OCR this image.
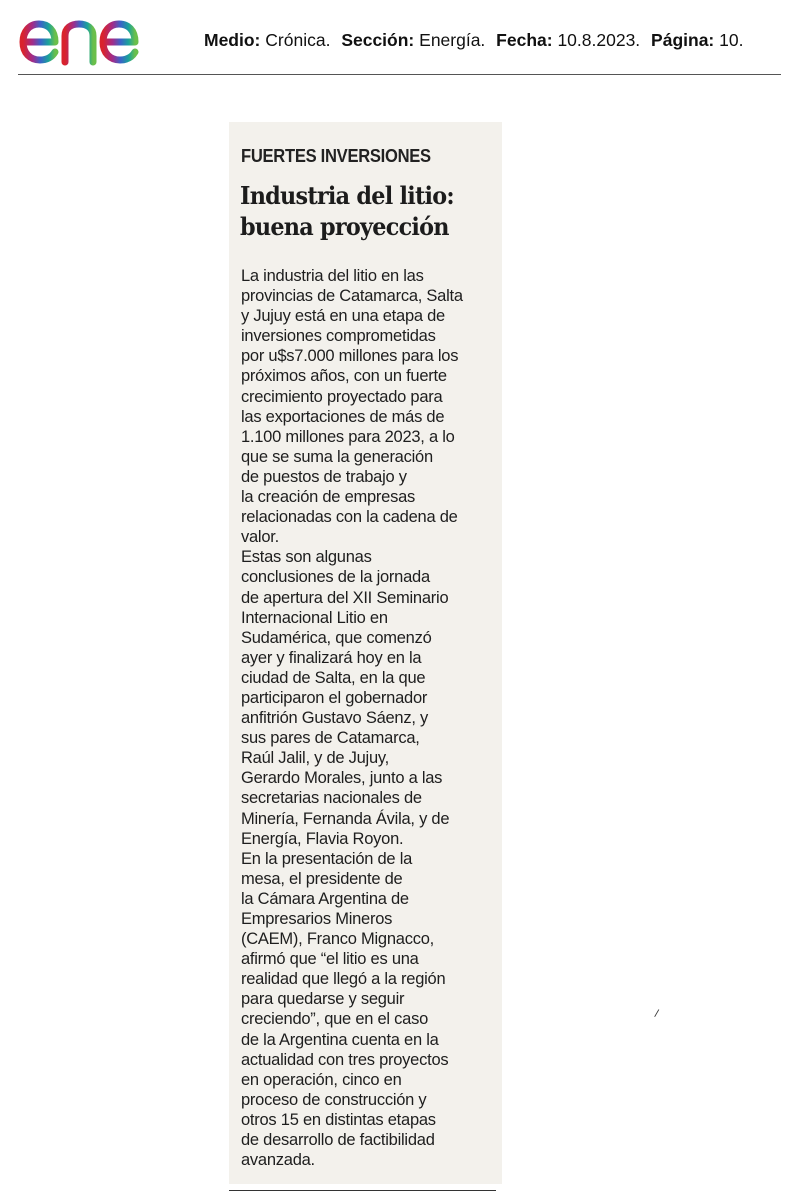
Medio: Crónica. Sección: Energía. Fecha: 10.8.2023. Página: 10.
FUERTES INVERSIONES
Industria del litio:
buena proyección
La industria del litio en las
provincias de Catamarca, Salta
y Jujuy está en una etapa de
inversiones comprometidas
por u$s7.000 millones para los
próximos años, con un fuerte
crecimiento proyectado para
las exportaciones de más de
1.100 millones para 2023, a lo
que se suma la generación
de puestos de trabajo y
la creación de empresas
relacionadas con la cadena de
valor.
Estas son algunas
conclusiones de la jornada
de apertura del XII Seminario
Internacional Litio en
Sudamérica, que comenzó
ayer y finalizará hoy en la
ciudad de Salta, en la que
participaron el gobernador
anfitrión Gustavo Sáenz, y
sus pares de Catamarca,
Raúl Jalil, y de Jujuy,
Gerardo Morales, junto a las
secretarias nacionales de
Minería, Fernanda Ávila, y de
Energía, Flavia Royon.
En la presentación de la
mesa, el presidente de
la Cámara Argentina de
Empresarios Mineros
(CAEM), Franco Mignacco,
afirmó que “el litio es una
realidad que llegó a la región
para quedarse y seguir
creciendo”, que en el caso
de la Argentina cuenta en la
actualidad con tres proyectos
en operación, cinco en
proceso de construcción y
otros 15 en distintas etapas
de desarrollo de factibilidad
avanzada.
/
